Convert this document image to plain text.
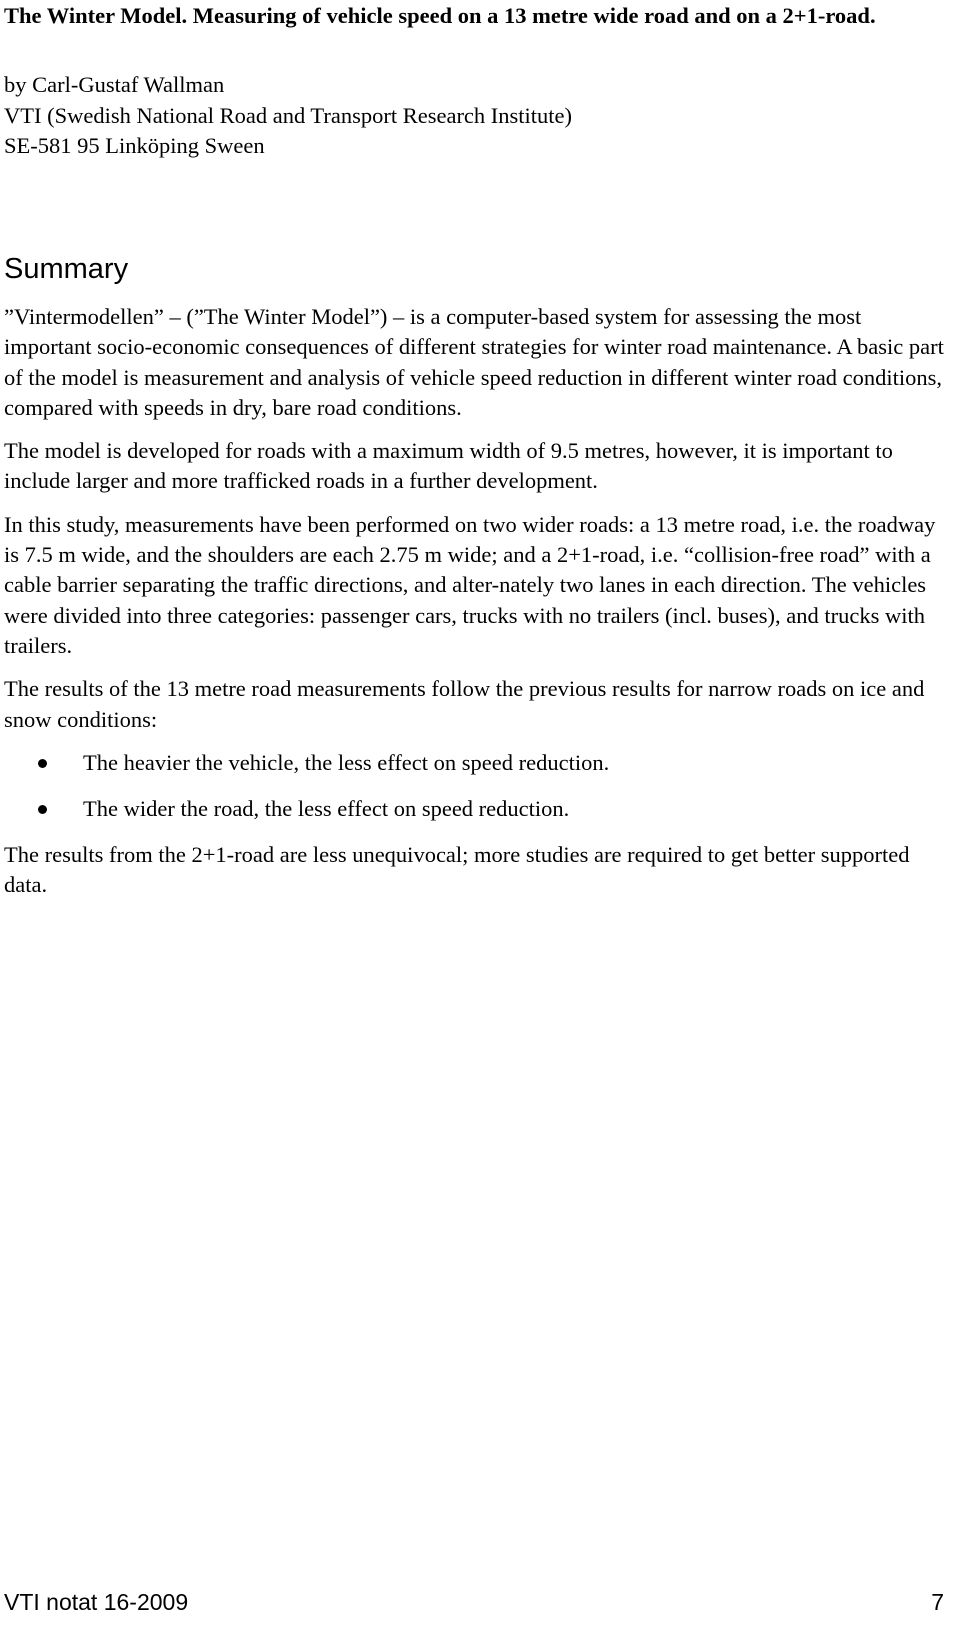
The Winter Model. Measuring of vehicle speed on a 13 metre wide road and on a 2+1-road.
by Carl-Gustaf Wallman
VTI (Swedish National Road and Transport Research Institute)
SE-581 95 Linköping Sween
Summary

”Vintermodellen” – (”The Winter Model”) – is a computer-based system for assessing the most important socio-economic consequences of different strategies for winter road maintenance. A basic part of the model is measurement and analysis of vehicle speed reduction in different winter road conditions, compared with speeds in dry, bare road conditions.

The model is developed for roads with a maximum width of 9.5 metres, however, it is important to include larger and more trafficked roads in a further development.

In this study, measurements have been performed on two wider roads: a 13 metre road, i.e. the roadway is 7.5 m wide, and the shoulders are each 2.75 m wide; and a 2+1-road, i.e. “collision-free road” with a cable barrier separating the traffic directions, and alter-nately two lanes in each direction. The vehicles were divided into three categories: passenger cars, trucks with no trailers (incl. buses), and trucks with trailers.

The results of the 13 metre road measurements follow the previous results for narrow roads on ice and snow conditions:

The heavier the vehicle, the less effect on speed reduction.
The wider the road, the less effect on speed reduction.

The results from the 2+1-road are less unequivocal; more studies are required to get better supported data.

VTI notat 16-2009	7
